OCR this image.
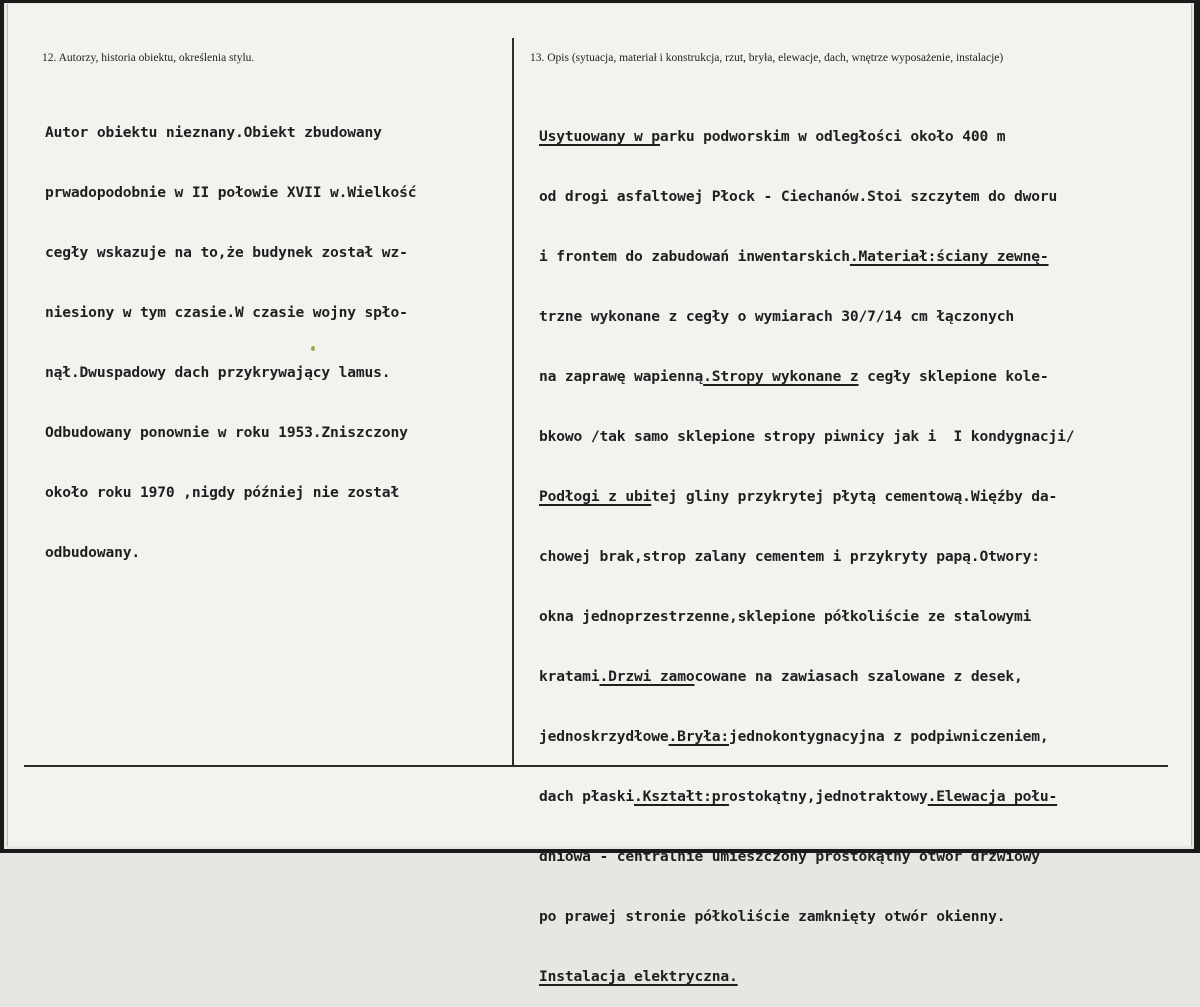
12. Autorzy, historia obiektu, określenia stylu.	13. Opis (sytuacja, materiał i konstrukcja, rzut, bryła, elewacje, dach, wnętrze wyposażenie, instalacje)

Autor obiektu nieznany.Obiekt zbudowany

prwadopodobnie w II połowie XVII w.Wielkość

cegły wskazuje na to,że budynek został wz-

niesiony w tym czasie.W czasie wojny spło-

nął.Dwuspadowy dach przykrywający lamus.

Odbudowany ponownie w roku 1953.Zniszczony

około roku 1970 ,nigdy później nie został

odbudowany.

Usytuowany w parku podworskim w odległości około 400 m

od drogi asfaltowej Płock - Ciechanów.Stoi szczytem do dworu

i frontem do zabudowań inwentarskich.Materiał:ściany zewnę-

trzne wykonane z cegły o wymiarach 30/7/14 cm łączonych

na zaprawę wapienną.Stropy wykonane z cegły sklepione kole-

bkowo /tak samo sklepione stropy piwnicy jak i  I kondygnacji/

Podłogi z ubitej gliny przykrytej płytą cementową.Więźby da-

chowej brak,strop zalany cementem i przykryty papą.Otwory:

okna jednoprzestrzenne,sklepione półkoliście ze stalowymi

kratami.Drzwi zamocowane na zawiasach szalowane z desek,

jednoskrzydłowe.Bryła:jednokontygnacyjna z podpiwniczeniem,

dach płaski.Kształt:prostokątny,jednotraktowy.Elewacja połu-

dniowa - centralnie umieszczony prostokątny otwór drzwiowy

po prawej stronie półkoliście zamknięty otwór okienny.

Instalacja elektryczna.
